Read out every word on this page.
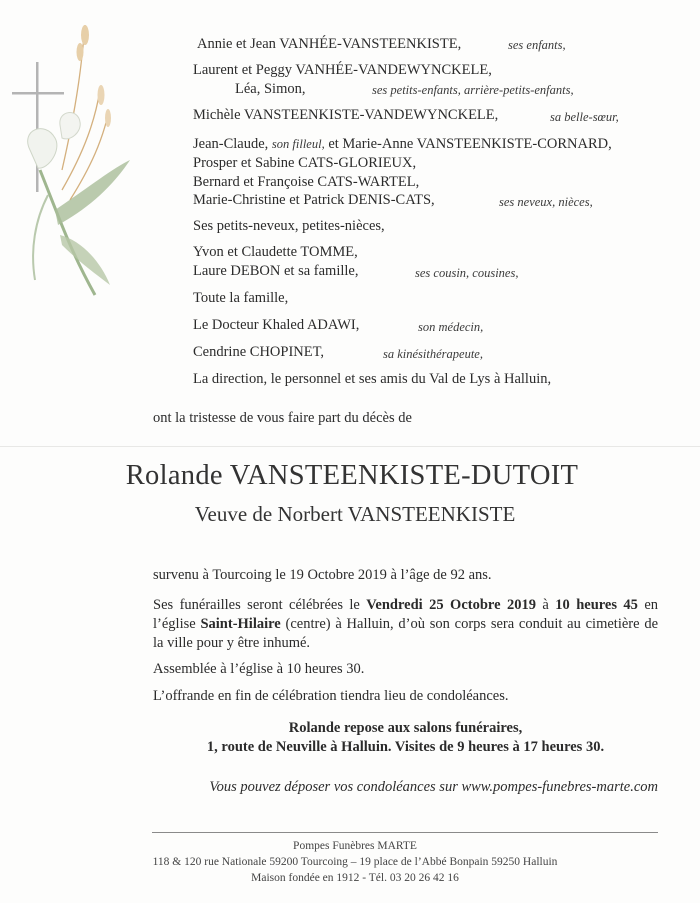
Annie et Jean VANHÉE-VANSTEENKISTE,	ses enfants,
Laurent et Peggy VANHÉE-VANDEWYNCKELE,
Léa, Simon,	ses petits-enfants, arrière-petits-enfants,
Michèle VANSTEENKISTE-VANDEWYNCKELE,	sa belle-sœur,
Jean-Claude, son filleul, et Marie-Anne VANSTEENKISTE-CORNARD,
Prosper et Sabine CATS-GLORIEUX,
Bernard et Françoise CATS-WARTEL,
Marie-Christine et Patrick DENIS-CATS,	ses neveux, nièces,
Ses petits-neveux, petites-nièces,
Yvon et Claudette TOMME,
Laure DEBON et sa famille,	ses cousin, cousines,
Toute la famille,
Le Docteur Khaled ADAWI,	son médecin,
Cendrine CHOPINET,	sa kinésithérapeute,
La direction, le personnel et ses amis du Val de Lys à Halluin,
ont la tristesse de vous faire part du décès de
Rolande VANSTEENKISTE-DUTOIT
Veuve de Norbert VANSTEENKISTE
survenu à Tourcoing le 19 Octobre 2019 à l’âge de 92 ans.
Ses funérailles seront célébrées le Vendredi 25 Octobre 2019 à 10 heures 45 en l’église Saint-Hilaire (centre) à Halluin, d’où son corps sera conduit au cimetière de la ville pour y être inhumé.
Assemblée à l’église à 10 heures 30.
L’offrande en fin de célébration tiendra lieu de condoléances.
Rolande repose aux salons funéraires,
1, route de Neuville à Halluin. Visites de 9 heures à 17 heures 30.
Vous pouvez déposer vos condoléances sur www.pompes-funebres-marte.com
Pompes Funèbres MARTE
118 & 120 rue Nationale 59200 Tourcoing – 19 place de l’Abbé Bonpain 59250 Halluin
Maison fondée en 1912 - Tél. 03 20 26 42 16
